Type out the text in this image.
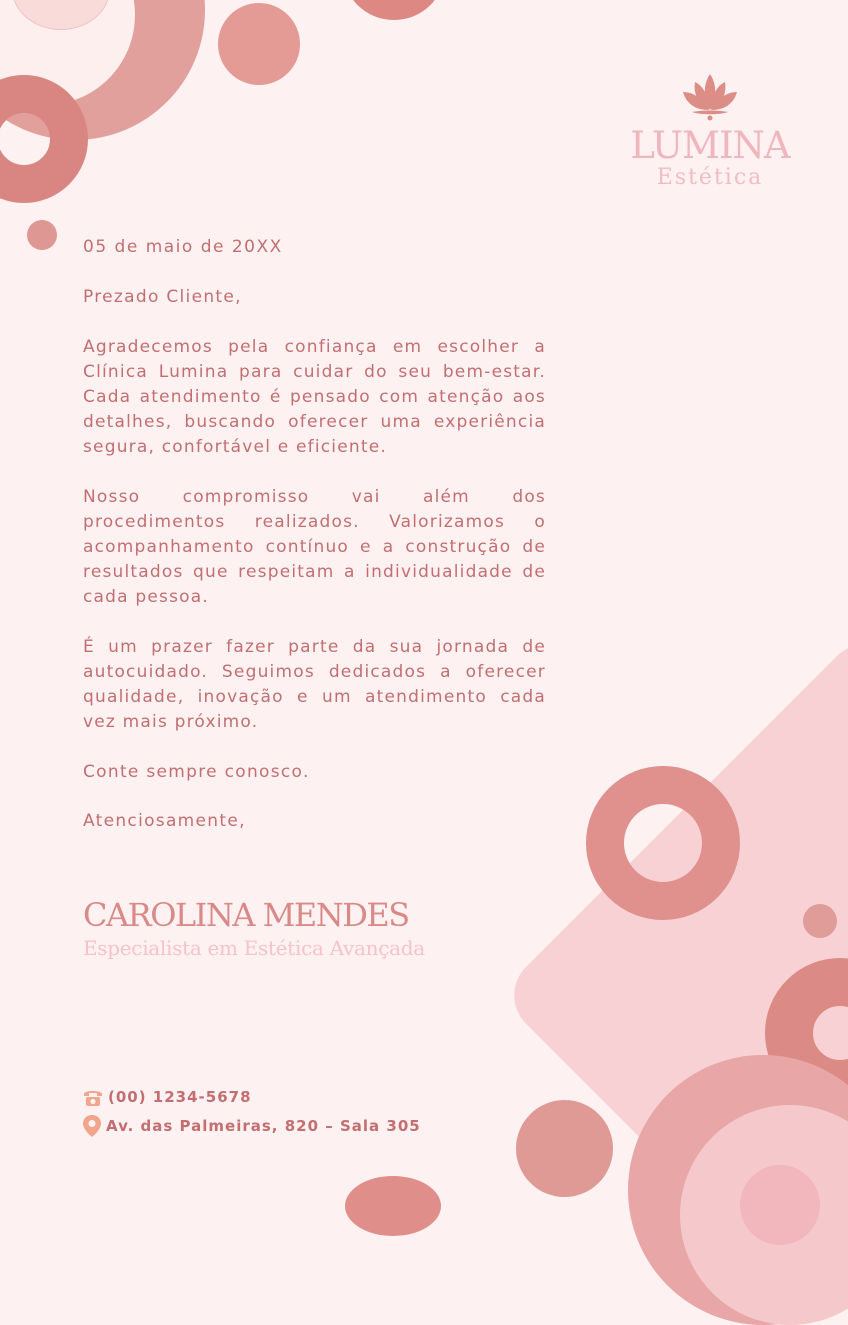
LUMINA
Estética

05 de maio de 20XX

Prezado Cliente,

Agradecemos pela confiança em escolher a Clínica Lumina para cuidar do seu bem-estar. Cada atendimento é pensado com atenção aos detalhes, buscando oferecer uma experiência segura, confortável e eficiente.

Nosso compromisso vai além dos procedimentos realizados. Valorizamos o acompanhamento contínuo e a construção de resultados que respeitam a individualidade de cada pessoa.

É um prazer fazer parte da sua jornada de autocuidado. Seguimos dedicados a oferecer qualidade, inovação e um atendimento cada vez mais próximo.

Conte sempre conosco.

Atenciosamente,

CAROLINA MENDES
Especialista em Estética Avançada
(00) 1234-5678
Av. das Palmeiras, 820 – Sala 305
